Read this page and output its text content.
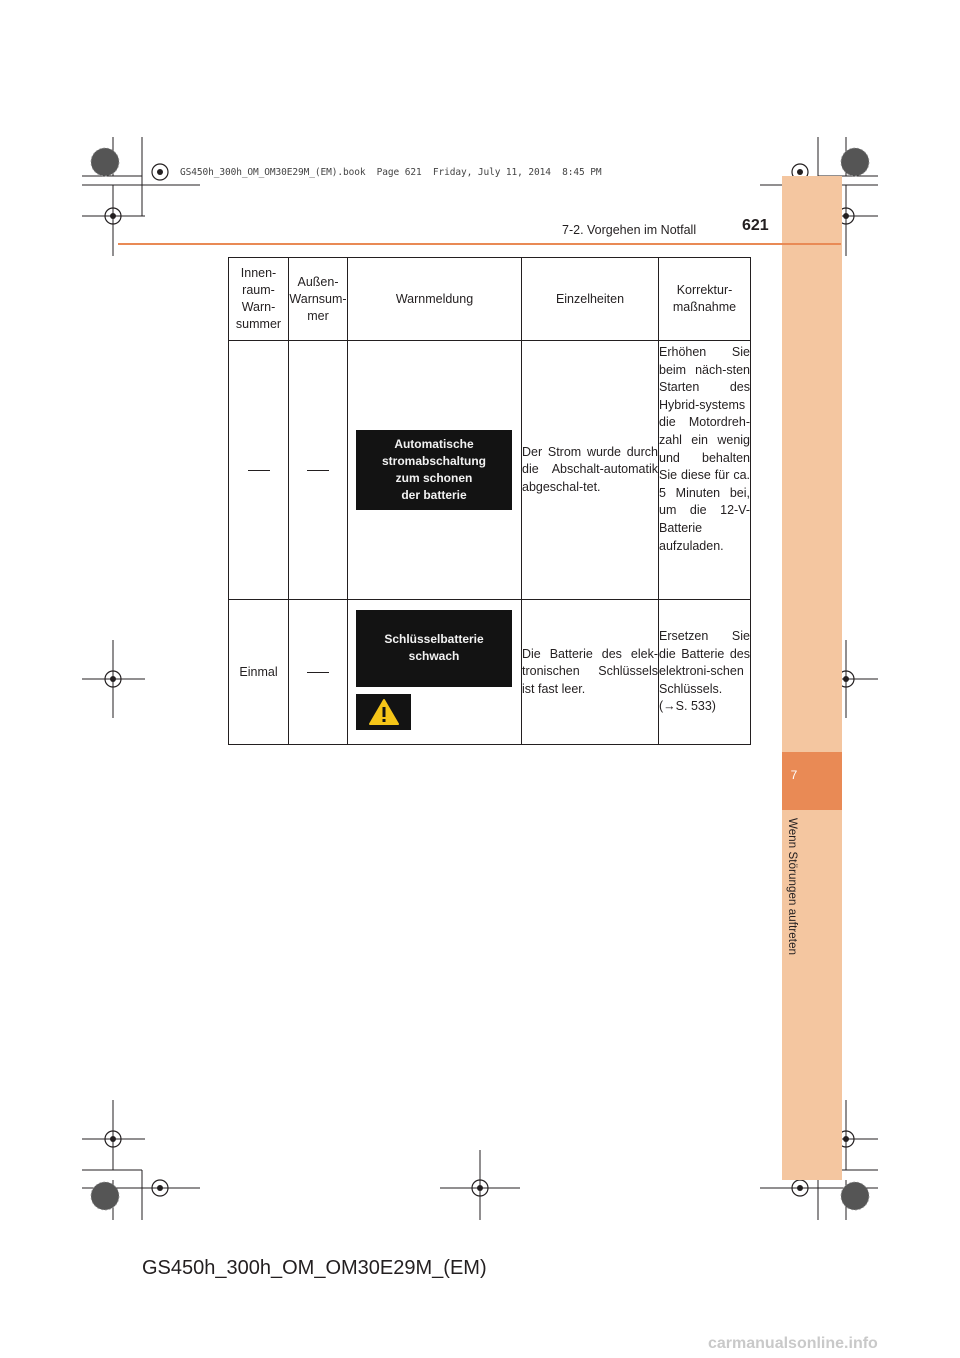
GS450h_300h_OM_OM30E29M_(EM).book  Page 621  Friday, July 11, 2014  8:45 PM
7
Wenn Störungen auftreten
7-2. Vorgehen im Notfall	621
Innen-
raum-
Warn-
summer	Außen-
Warnsum-
mer	Warnmeldung	Einzelheiten	Korrektur-
maßnahme

		Automatische
stromabschaltung
zum schonen
der batterie	Der Strom wurde durch die Abschalt-automatik abgeschal-tet.	Erhöhen Sie beim näch-sten Starten des Hybrid-systems die Motordreh-zahl ein wenig und behalten Sie diese für ca. 5 Minuten bei, um die 12-V-Batterie aufzuladen.
Einmal		Schlüsselbatterie
schwach	Die Batterie des elek-tronischen Schlüssels ist fast leer.	Ersetzen Sie die Batterie des elektroni-schen Schlüssels. (→S. 533)
GS450h_300h_OM_OM30E29M_(EM)
carmanualsonline.info
